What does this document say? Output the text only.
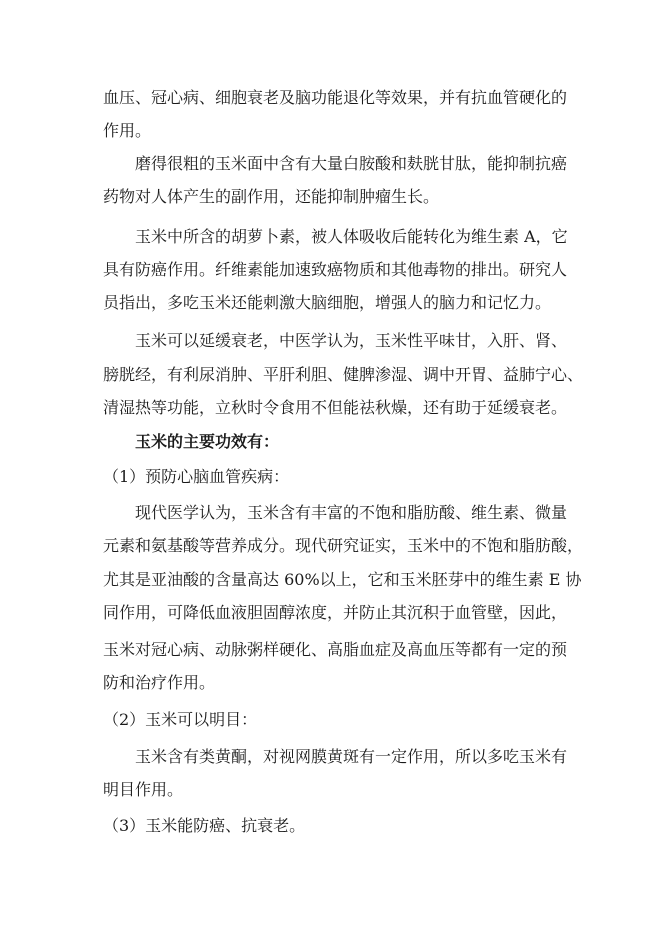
血压、冠心病、细胞衰老及脑功能退化等效果，并有抗血管硬化的
作用。
磨得很粗的玉米面中含有大量白胺酸和麸胱甘肽，能抑制抗癌
药物对人体产生的副作用，还能抑制肿瘤生长。
玉米中所含的胡萝卜素，被人体吸收后能转化为维生素 A，它
具有防癌作用。纤维素能加速致癌物质和其他毒物的排出。研究人
员指出，多吃玉米还能刺激大脑细胞，增强人的脑力和记忆力。
玉米可以延缓衰老，中医学认为，玉米性平味甘，入肝、肾、
膀胱经，有利尿消肿、平肝利胆、健脾渗湿、调中开胃、益肺宁心、
清湿热等功能，立秋时令食用不但能祛秋燥，还有助于延缓衰老。
玉米的主要功效有：
（1）预防心脑血管疾病：
现代医学认为，玉米含有丰富的不饱和脂肪酸、维生素、微量
元素和氨基酸等营养成分。现代研究证实，玉米中的不饱和脂肪酸，
尤其是亚油酸的含量高达 60%以上，它和玉米胚芽中的维生素 E 协
同作用，可降低血液胆固醇浓度，并防止其沉积于血管壁，因此，
玉米对冠心病、动脉粥样硬化、高脂血症及高血压等都有一定的预
防和治疗作用。
（2）玉米可以明目：
玉米含有类黄酮，对视网膜黄斑有一定作用，所以多吃玉米有
明目作用。
（3）玉米能防癌、抗衰老。
